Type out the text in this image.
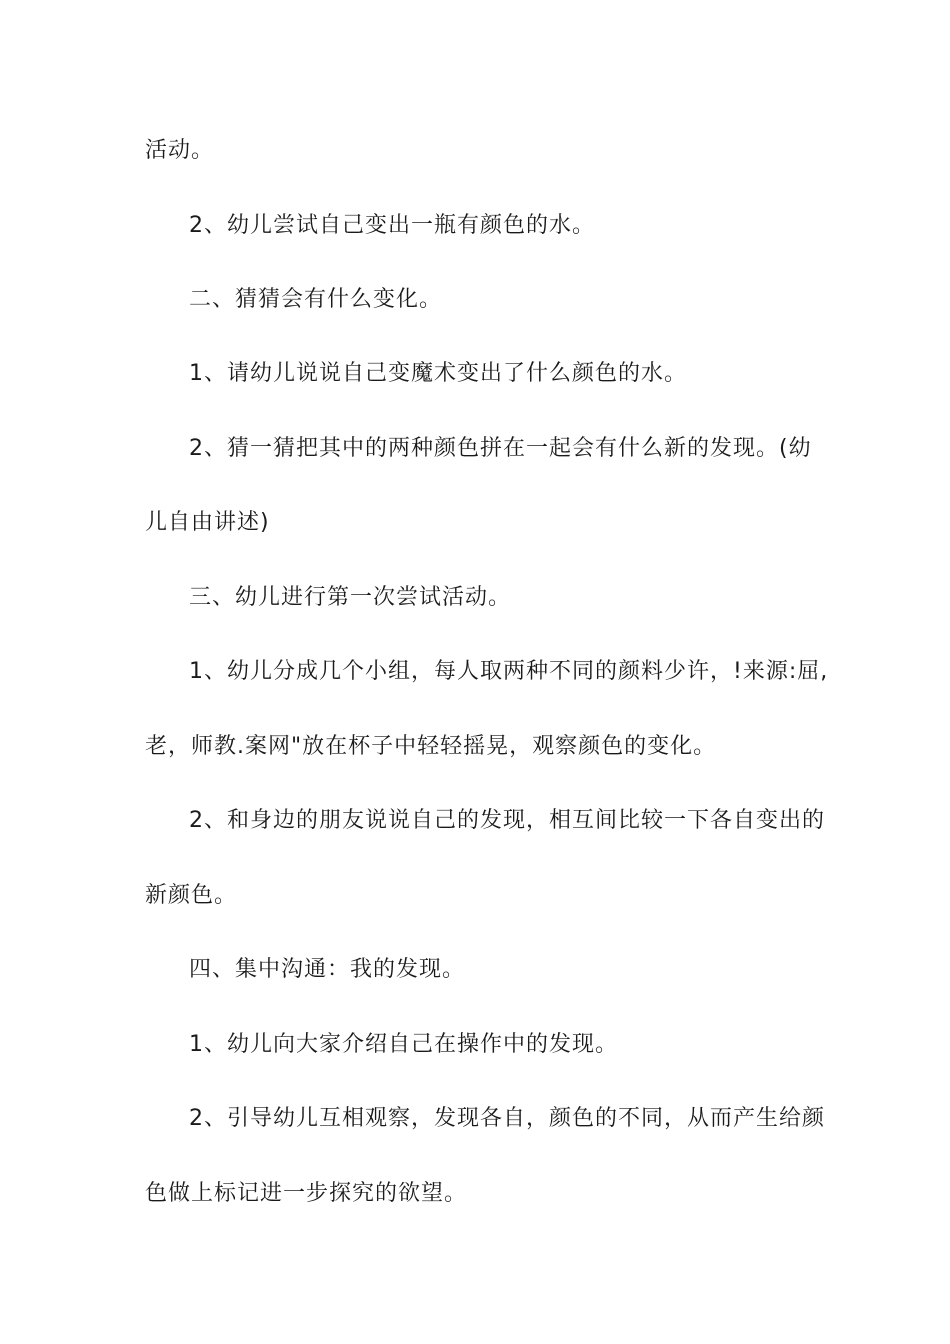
活动。
2、幼儿尝试自己变出一瓶有颜色的水。
二、猜猜会有什么变化。
1、请幼儿说说自己变魔术变出了什么颜色的水。
2、猜一猜把其中的两种颜色拼在一起会有什么新的发现。(幼
儿自由讲述)
三、幼儿进行第一次尝试活动。
1、幼儿分成几个小组，每人取两种不同的颜料少许，!来源:屈,
老，师教.案网"放在杯子中轻轻摇晃，观察颜色的变化。
2、和身边的朋友说说自己的发现，相互间比较一下各自变出的
新颜色。
四、集中沟通：我的发现。
1、幼儿向大家介绍自己在操作中的发现。
2、引导幼儿互相观察，发现各自，颜色的不同，从而产生给颜
色做上标记进一步探究的欲望。
